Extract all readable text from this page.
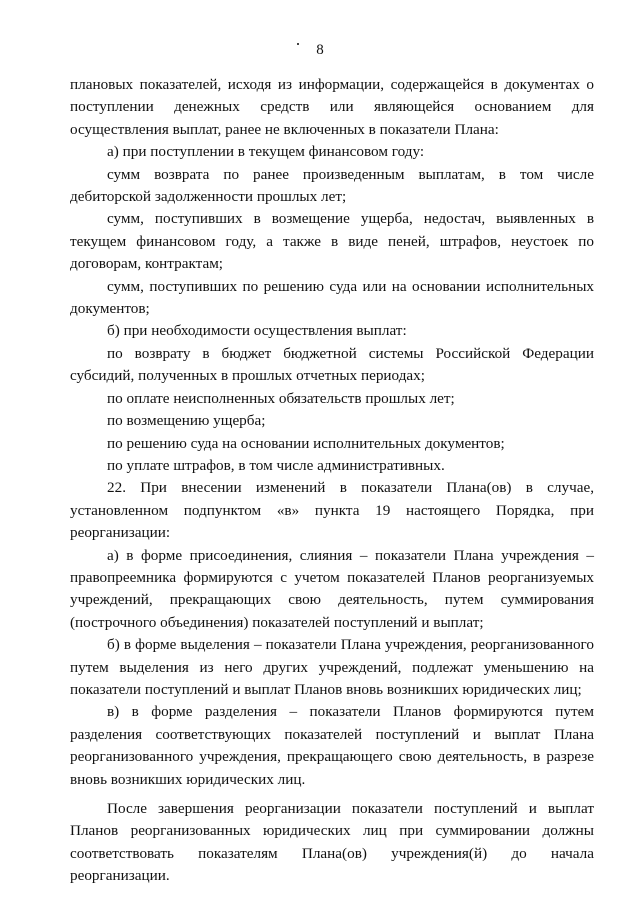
8

плановых показателей, исходя из информации, содержащейся в документах о поступлении денежных средств или являющейся основанием для осуществления выплат, ранее не включенных в показатели Плана:

а) при поступлении в текущем финансовом году:

сумм возврата по ранее произведенным выплатам, в том числе дебиторской задолженности прошлых лет;

сумм, поступивших в возмещение ущерба, недостач, выявленных в текущем финансовом году, а также в виде пеней, штрафов, неустоек по договорам, контрактам;

сумм, поступивших по решению суда или на основании исполнительных документов;

б) при необходимости осуществления выплат:

по возврату в бюджет бюджетной системы Российской Федерации субсидий, полученных в прошлых отчетных периодах;

по оплате неисполненных обязательств прошлых лет;

по возмещению ущерба;

по решению суда на основании исполнительных документов;

по уплате штрафов, в том числе административных.

22. При внесении изменений в показатели Плана(ов) в случае, установленном подпунктом «в» пункта 19 настоящего Порядка, при реорганизации:

а) в форме присоединения, слияния – показатели Плана учреждения – правопреемника формируются с учетом показателей Планов реорганизуемых учреждений, прекращающих свою деятельность, путем суммирования (построчного объединения) показателей поступлений и выплат;

б) в форме выделения – показатели Плана учреждения, реорганизованного путем выделения из него других учреждений, подлежат уменьшению на показатели поступлений и выплат Планов вновь возникших юридических лиц;

в) в форме разделения – показатели Планов формируются путем разделения соответствующих показателей поступлений и выплат Плана реорганизованного учреждения, прекращающего свою деятельность, в разрезе вновь возникших юридических лиц.

После завершения реорганизации показатели поступлений и выплат Планов реорганизованных юридических лиц при суммировании должны соответствовать показателям Плана(ов) учреждения(й) до начала реорганизации.
